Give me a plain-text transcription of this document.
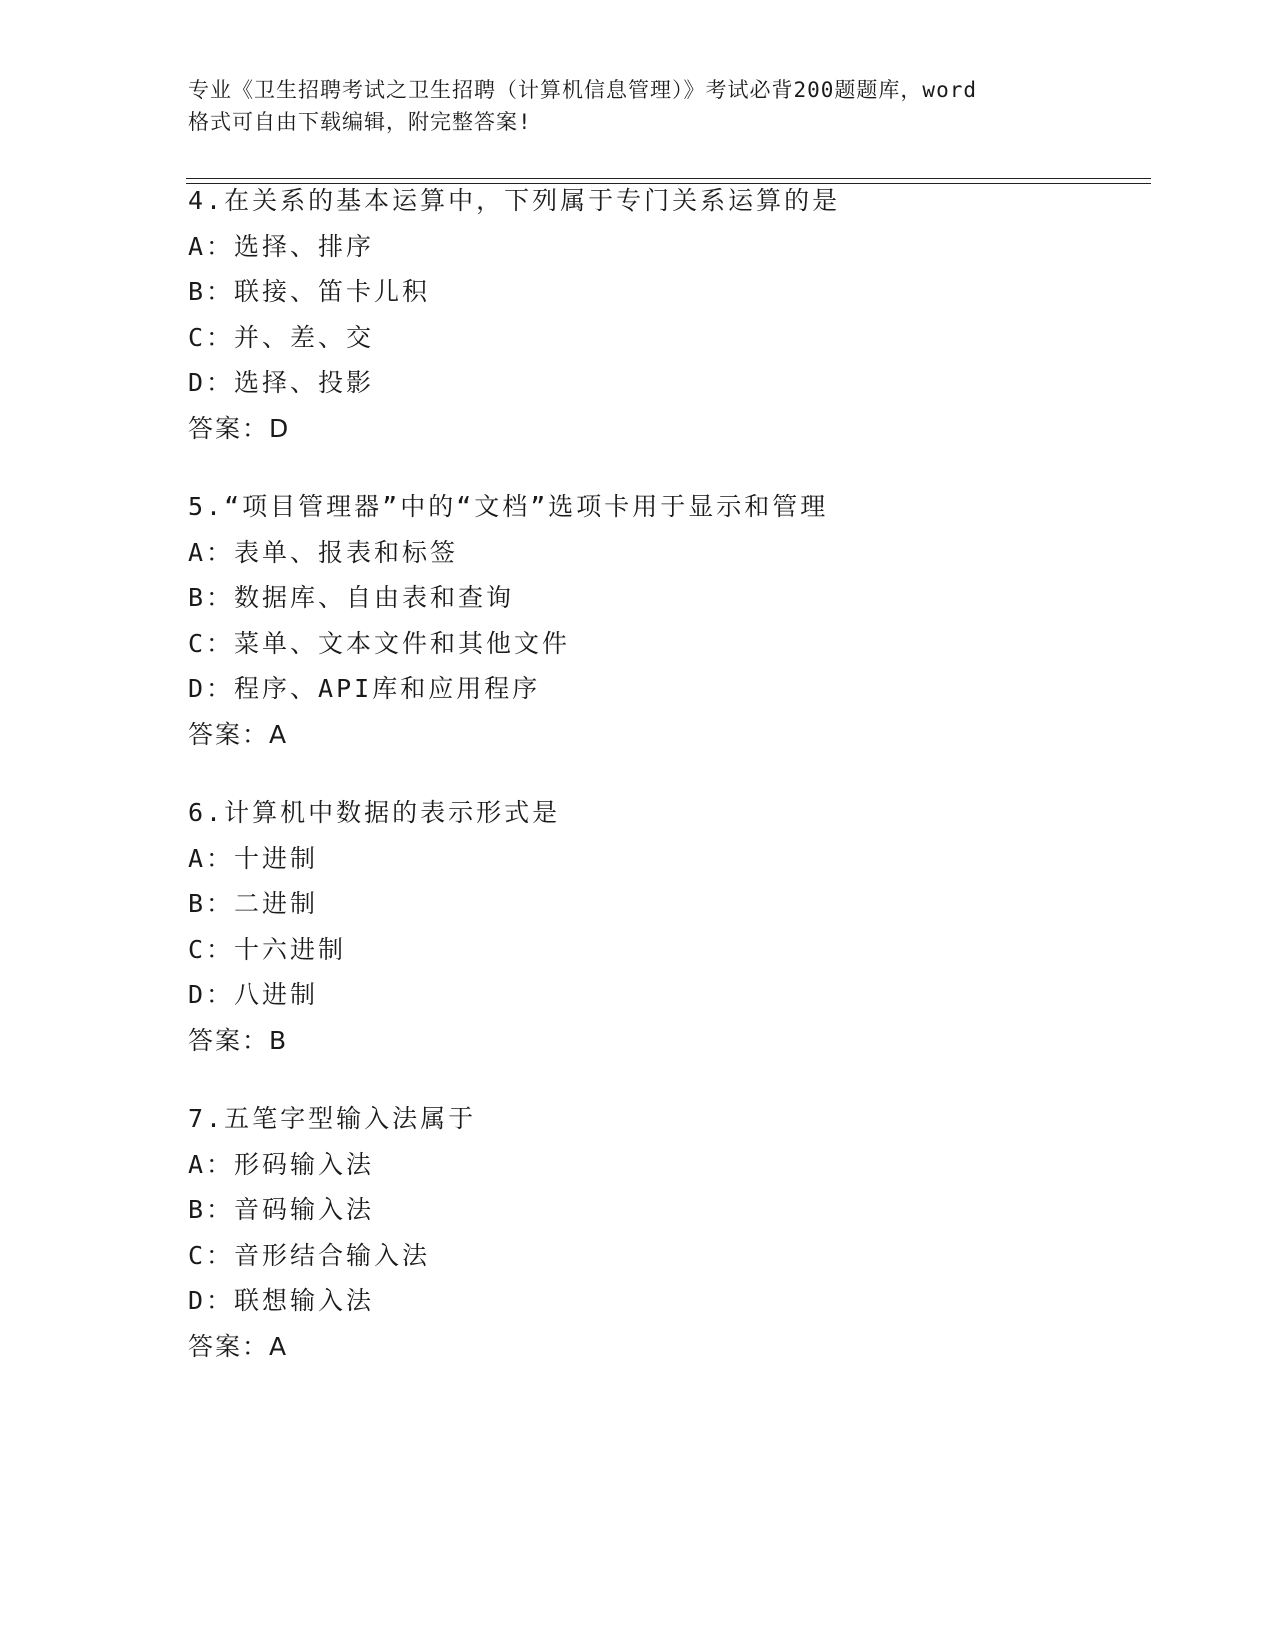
专业《卫生招聘考试之卫生招聘（计算机信息管理）》考试必背200题题库，word
格式可自由下载编辑，附完整答案!
4.在关系的基本运算中，下列属于专门关系运算的是
A：选择、排序
B：联接、笛卡儿积
C：并、差、交
D：选择、投影
答案：D
5.“项目管理器”中的“文档”选项卡用于显示和管理
A：表单、报表和标签
B：数据库、自由表和查询
C：菜单、文本文件和其他文件
D：程序、API库和应用程序
答案：A
6.计算机中数据的表示形式是
A：十进制
B：二进制
C：十六进制
D：八进制
答案：B
7.五笔字型输入法属于
A：形码输入法
B：音码输入法
C：音形结合输入法
D：联想输入法
答案：A
